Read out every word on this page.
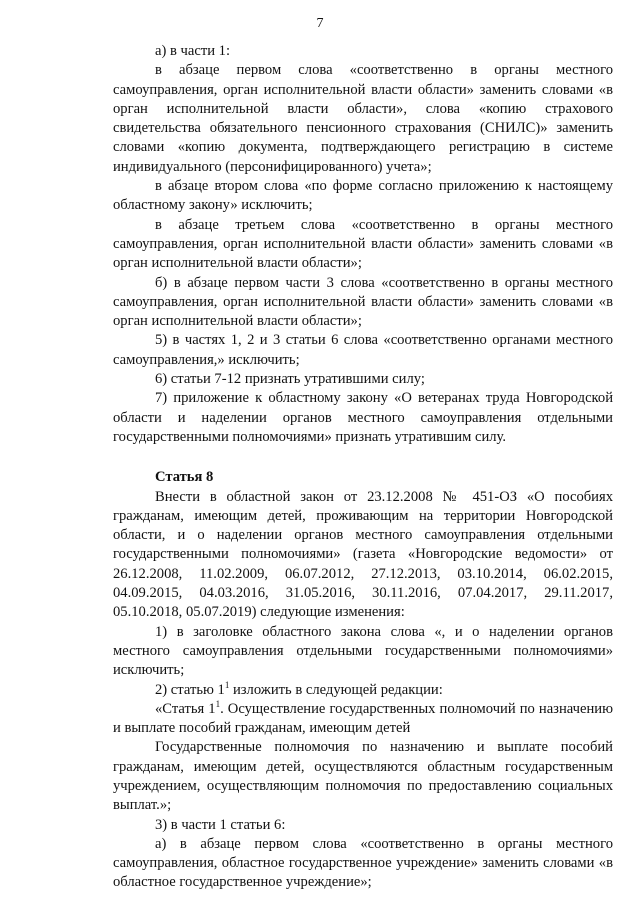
7

а) в части 1:

в абзаце первом слова «соответственно в органы местного самоуправления, орган исполнительной власти области» заменить словами «в орган исполнительной власти области», слова «копию страхового свидетельства обязательного пенсионного страхования (СНИЛС)» заменить словами «копию документа, подтверждающего регистрацию в системе индивидуального (персонифицированного) учета»;

в абзаце втором слова «по форме согласно приложению к настоящему областному закону» исключить;

в абзаце третьем слова «соответственно в органы местного самоуправления, орган исполнительной власти области» заменить словами «в орган исполнительной власти области»;

б) в абзаце первом части 3 слова «соответственно в органы местного самоуправления, орган исполнительной власти области» заменить словами «в орган исполнительной власти области»;

5) в частях 1, 2 и 3 статьи 6 слова «соответственно органами местного самоуправления,» исключить;

6) статьи 7-12 признать утратившими силу;

7) приложение к областному закону «О ветеранах труда Новгородской области и наделении органов местного самоуправления отдельными государственными полномочиями» признать утратившим силу.

Статья 8

Внести в областной закон от 23.12.2008 № 451-ОЗ «О пособиях гражданам, имеющим детей, проживающим на территории Новгородской области, и о наделении органов местного самоуправления отдельными государственными полномочиями» (газета «Новгородские ведомости» от 26.12.2008, 11.02.2009, 06.07.2012, 27.12.2013, 03.10.2014, 06.02.2015, 04.09.2015, 04.03.2016, 31.05.2016, 30.11.2016, 07.04.2017, 29.11.2017, 05.10.2018, 05.07.2019) следующие изменения:

1) в заголовке областного закона слова «, и о наделении органов местного самоуправления отдельными государственными полномочиями» исключить;

2) статью $1^1$ изложить в следующей редакции:

«Статья $1^1$. Осуществление государственных полномочий по назначению и выплате пособий гражданам, имеющим детей

Государственные полномочия по назначению и выплате пособий гражданам, имеющим детей, осуществляются областным государственным учреждением, осуществляющим полномочия по предоставлению социальных выплат.»;

3) в части 1 статьи 6:

а) в абзаце первом слова «соответственно в органы местного самоуправления, областное государственное учреждение» заменить словами «в областное государственное учреждение»;
